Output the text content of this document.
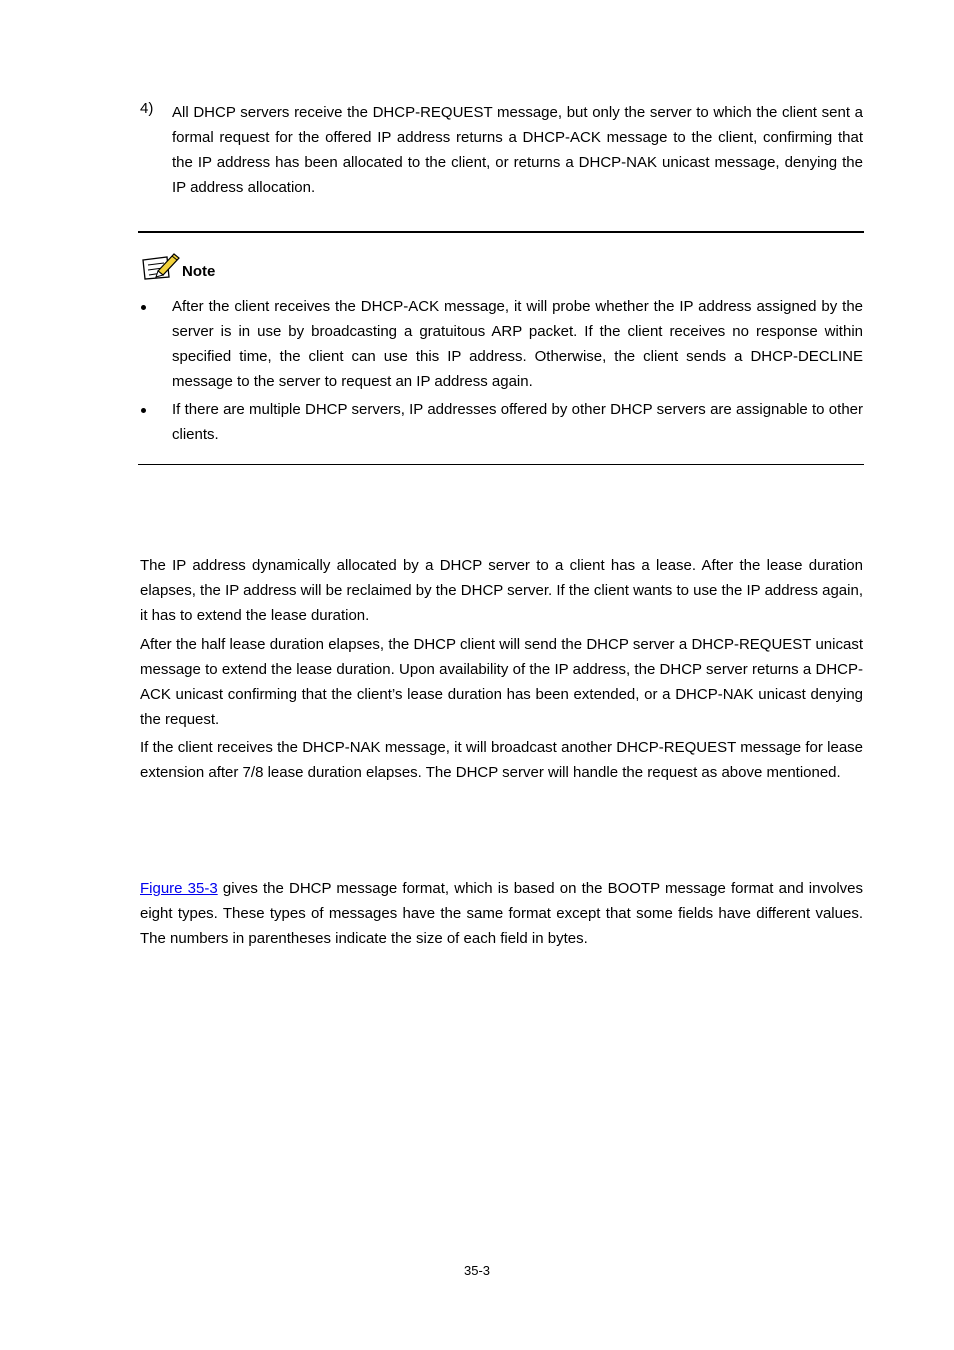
4) All DHCP servers receive the DHCP-REQUEST message, but only the server to which the client sent a formal request for the offered IP address returns a DHCP-ACK message to the client, confirming that the IP address has been allocated to the client, or returns a DHCP-NAK unicast message, denying the IP address allocation.
Note
After the client receives the DHCP-ACK message, it will probe whether the IP address assigned by the server is in use by broadcasting a gratuitous ARP packet. If the client receives no response within specified time, the client can use this IP address. Otherwise, the client sends a DHCP-DECLINE message to the server to request an IP address again.
If there are multiple DHCP servers, IP addresses offered by other DHCP servers are assignable to other clients.

The IP address dynamically allocated by a DHCP server to a client has a lease. After the lease duration elapses, the IP address will be reclaimed by the DHCP server. If the client wants to use the IP address again, it has to extend the lease duration.

After the half lease duration elapses, the DHCP client will send the DHCP server a DHCP-REQUEST unicast message to extend the lease duration. Upon availability of the IP address, the DHCP server returns a DHCP-ACK unicast confirming that the client’s lease duration has been extended, or a DHCP-NAK unicast denying the request.

If the client receives the DHCP-NAK message, it will broadcast another DHCP-REQUEST message for lease extension after 7/8 lease duration elapses. The DHCP server will handle the request as above mentioned.

Figure 35-3 gives the DHCP message format, which is based on the BOOTP message format and involves eight types. These types of messages have the same format except that some fields have different values. The numbers in parentheses indicate the size of each field in bytes.

35-3
